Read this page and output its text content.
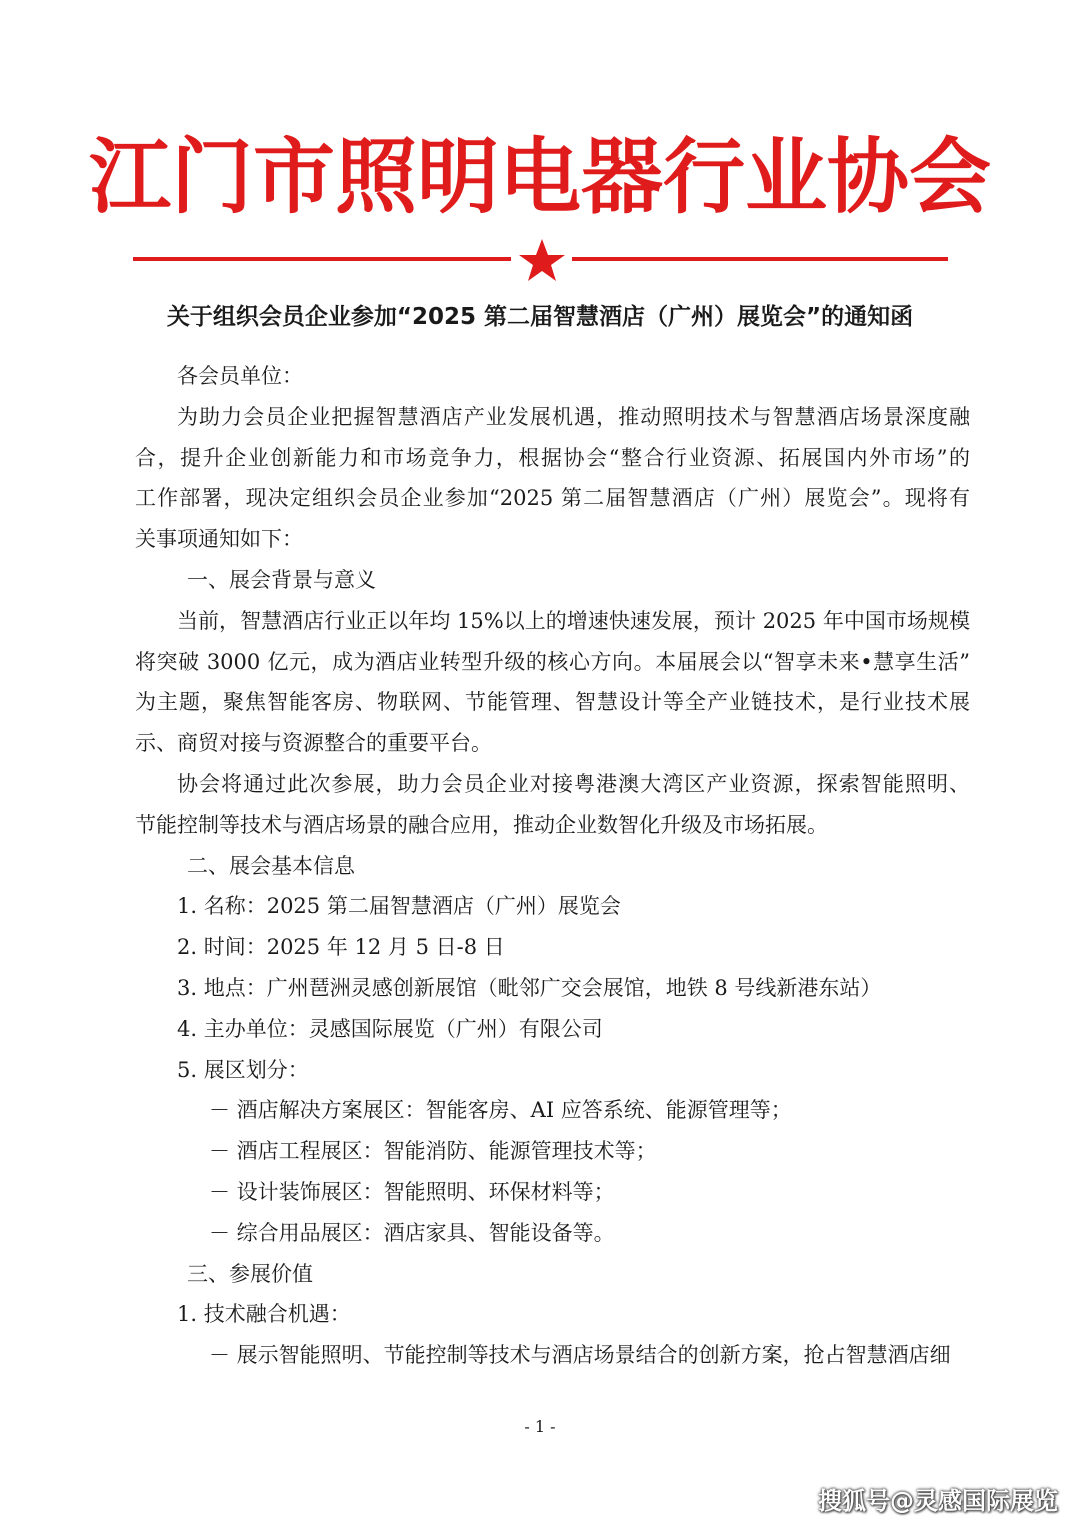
江门市照明电器行业协会
关于组织会员企业参加“2025 第二届智慧酒店（广州）展览会”的通知函
各会员单位：
为助力会员企业把握智慧酒店产业发展机遇，推动照明技术与智慧酒店场景深度融
合，提升企业创新能力和市场竞争力，根据协会“整合行业资源、拓展国内外市场”的
工作部署，现决定组织会员企业参加“2025 第二届智慧酒店（广州）展览会”。现将有
关事项通知如下：
一、展会背景与意义
当前，智慧酒店行业正以年均 15%以上的增速快速发展，预计 2025 年中国市场规模
将突破 3000 亿元，成为酒店业转型升级的核心方向。本届展会以“智享未来•慧享生活”
为主题，聚焦智能客房、物联网、节能管理、智慧设计等全产业链技术，是行业技术展
示、商贸对接与资源整合的重要平台。
协会将通过此次参展，助力会员企业对接粤港澳大湾区产业资源，探索智能照明、
节能控制等技术与酒店场景的融合应用，推动企业数智化升级及市场拓展。
二、展会基本信息
1. 名称：2025 第二届智慧酒店（广州）展览会
2. 时间：2025 年 12 月 5 日-8 日
3. 地点：广州琶洲灵感创新展馆（毗邻广交会展馆，地铁 8 号线新港东站）
4. 主办单位：灵感国际展览（广州）有限公司
5. 展区划分：
－ 酒店解决方案展区：智能客房、AI 应答系统、能源管理等；
－ 酒店工程展区：智能消防、能源管理技术等；
－ 设计装饰展区：智能照明、环保材料等；
－ 综合用品展区：酒店家具、智能设备等。
三、参展价值
1. 技术融合机遇：
－ 展示智能照明、节能控制等技术与酒店场景结合的创新方案，抢占智慧酒店细
- 1 -
搜狐号@灵感国际展览
